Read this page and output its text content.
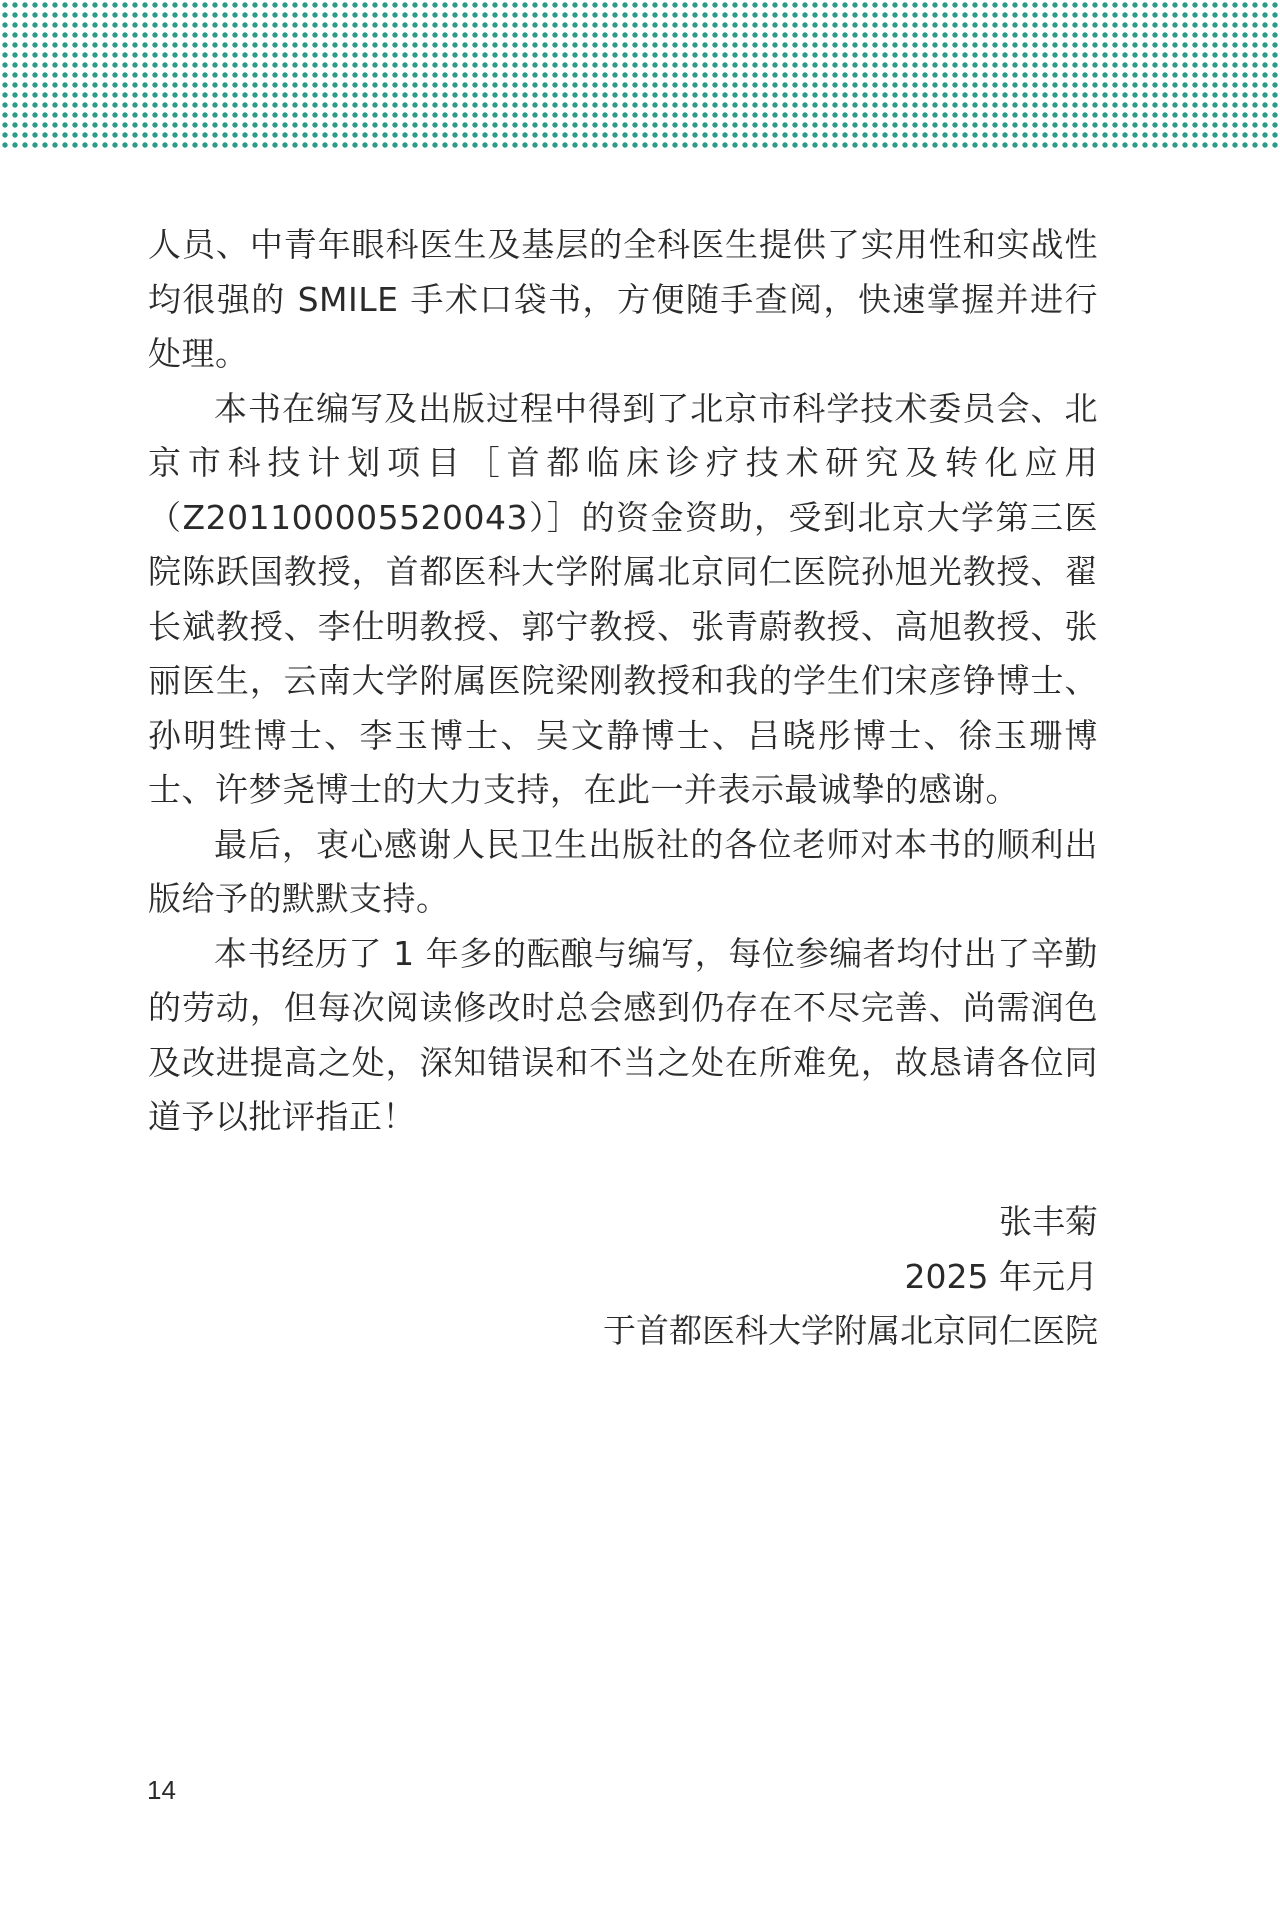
人员、中青年眼科医生及基层的全科医生提供了实用性和实战性均很强的 SMILE 手术口袋书，方便随手查阅，快速掌握并进行处理。

本书在编写及出版过程中得到了北京市科学技术委员会、北京市科技计划项目［首都临床诊疗技术研究及转化应用（Z201100005520043）］的资金资助，受到北京大学第三医院陈跃国教授，首都医科大学附属北京同仁医院孙旭光教授、翟长斌教授、李仕明教授、郭宁教授、张青蔚教授、高旭教授、张丽医生，云南大学附属医院梁刚教授和我的学生们宋彦铮博士、孙明甡博士、李玉博士、吴文静博士、吕晓彤博士、徐玉珊博士、许梦尧博士的大力支持，在此一并表示最诚挚的感谢。

最后，衷心感谢人民卫生出版社的各位老师对本书的顺利出版给予的默默支持。

本书经历了 1 年多的酝酿与编写，每位参编者均付出了辛勤的劳动，但每次阅读修改时总会感到仍存在不尽完善、尚需润色及改进提高之处，深知错误和不当之处在所难免，故恳请各位同道予以批评指正！

张丰菊
2025 年元月
于首都医科大学附属北京同仁医院
14
